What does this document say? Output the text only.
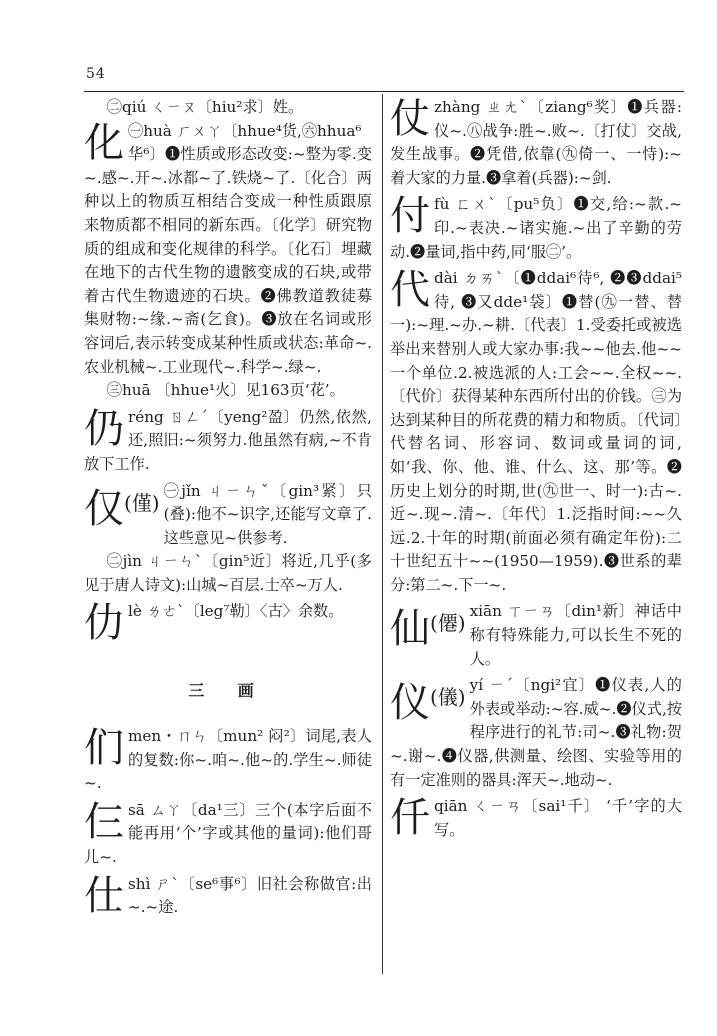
54

㊁qiú ㄑㄧㄡ〔hiu²求〕姓。

化 ㊀huà ㄏㄨㄚ〔hhue⁴货,㊅hhua⁶

华⁶〕❶性质或形态改变:~整为零.变~.感~.开~.冰都~了.铁烧~了.〔化合〕两种以上的物质互相结合变成一种性质跟原来物质都不相同的新东西。〔化学〕研究物质的组成和变化规律的科学。〔化石〕埋藏在地下的古代生物的遗骸变成的石块,或带着古代生物遗迹的石块。❷佛教道教徒募集财物:~缘.~斋(乞食)。❸放在名词或形容词后,表示转变成某种性质或状态:革命~.农业机械~.工业现代~.科学~.绿~.

㊂huā 〔hhue¹火〕见163页‘花’。

仍 réng ㄖㄥˊ〔yeng²盈〕仍然,依然,还,照旧:~须努力.他虽然有病,~不肯放下工作.

仅$^{(僅)}$ ㊀jǐn ㄐㄧㄣˇ〔gin³紧〕只(叠):他不~识字,还能写文章了.这些意见~供参考.

㊁jìn ㄐㄧㄣˋ〔gin⁵近〕将近,几乎(多见于唐人诗文):山城~百层.士卒~万人.

仂 lè ㄌㄜˋ〔leg⁷勒〕〈古〉余数。

三 画
们 men・ㄇㄣ〔mun² 闷²〕词尾,表人的复数:你~.咱~.他~的.学生~.师徒~.

仨 sā ㄙㄚ〔da¹三〕三个(本字后面不能再用‘个’字或其他的量词):他们哥儿~.

仕 shì ㄕˋ〔se⁶事⁶〕旧社会称做官:出~.~途.

仗 zhàng ㄓㄤˋ〔ziang⁶奖〕❶兵器:仪~.㊇战争:胜~.败~.〔打仗〕交战,发生战事。❷凭借,依靠(㊈倚一、一恃):~着大家的力量.❸拿着(兵器):~剑.

付 fù ㄈㄨˋ〔pu⁵负〕❶交,给:~款.~印.~表决.~诸实施.~出了辛勤的劳动.❷量词,指中药,同‘服㊁’。

代 dài ㄉㄞˋ〔❶ddai⁶待⁶, ❷❸ddai⁵待, ❸又dde¹袋〕❶替(㊈一替、替一):~理.~办.~耕.〔代表〕1.受委托或被选举出来替别人或大家办事:我~~他去.他~~一个单位.2.被选派的人:工会~~.全权~~.〔代价〕获得某种东西所付出的价钱。㊂为达到某种目的所花费的精力和物质。〔代词〕代替名词、形容词、数词或量词的词,如‘我、你、他、谁、什么、这、那’等。❷历史上划分的时期,世(㊈世一、时一):古~.近~.现~.清~.〔年代〕1.泛指时间:~~久远.2.十年的时期(前面必须有确定年份):二十世纪五十~~(1950—1959).❸世系的辈分:第二~.下一~.

仙$^{(僊)}$ xiān ㄒㄧㄢ〔din¹新〕神话中称有特殊能力,可以长生不死的人。

仪$^{(儀)}$ yí ㄧˊ〔ngi²宜〕❶仪表,人的外表或举动:~容.威~.❷仪式,按程序进行的礼节:司~.❸礼物:贺~.谢~.❹仪器,供测量、绘图、实验等用的有一定准则的器具:浑天~.地动~.

仟 qiān ㄑㄧㄢ〔sai¹千〕 ‘千’字的大写。
